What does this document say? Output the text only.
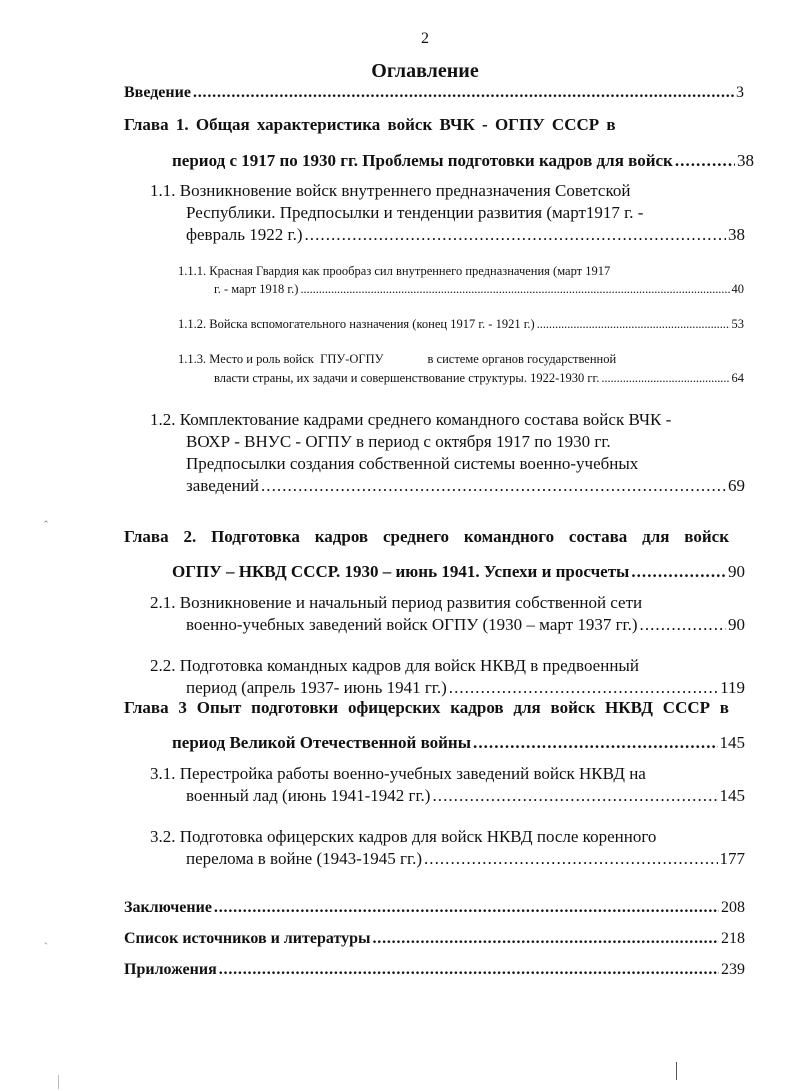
2
Оглавление
Введение . . .	3
Глава 1. Общая характеристика войск ВЧК - ОГПУ СССР в
период с 1917 по 1930 гг. Проблемы подготовки кадров для войск . . .	38
1.1. Возникновение войск внутреннего предназначения Советской
Республики. Предпосылки и тенденции развития (март1917 г. -
февраль 1922 г.) . . .	38
1.1.1. Красная Гвардия как прообраз сил внутреннего предназначения (март 1917
г. - март 1918 г.) . . .	40
1.1.2. Войска вспомогательного назначения (конец 1917 г. - 1921 г.) . . .	53
1.1.3. Место и роль войск  ГПУ-ОГПУ	в системе органов государственной
власти страны, их задачи и совершенствование структуры. 1922-1930 гг. . . .	64
1.2. Комплектование кадрами среднего командного состава войск ВЧК -
ВОХР - ВНУС - ОГПУ в период с октября 1917 по 1930 гг.
Предпосылки создания собственной системы военно-учебных
заведений . . .	69
Глава 2. Подготовка кадров среднего командного состава для войск
ОГПУ – НКВД СССР. 1930 – июнь 1941. Успехи и просчеты . . .	90
2.1. Возникновение и начальный период развития собственной сети
военно-учебных заведений войск ОГПУ (1930 – март 1937 гг.) . . .	90
2.2. Подготовка командных кадров для войск НКВД в предвоенный
период (апрель 1937- июнь 1941 гг.) . . .	119
Глава 3 Опыт подготовки офицерских кадров для войск НКВД СССР в
период Великой Отечественной войны . . .	145
3.1. Перестройка работы военно-учебных заведений войск НКВД на
военный лад (июнь 1941-1942 гг.) . . .	145
3.2. Подготовка офицерских кадров для войск НКВД после коренного
перелома в войне (1943-1945 гг.) . . .	177
Заключение . . .	208
Список источников и литературы . . .	218
Приложения . . .	239
ˆ
ˋ
